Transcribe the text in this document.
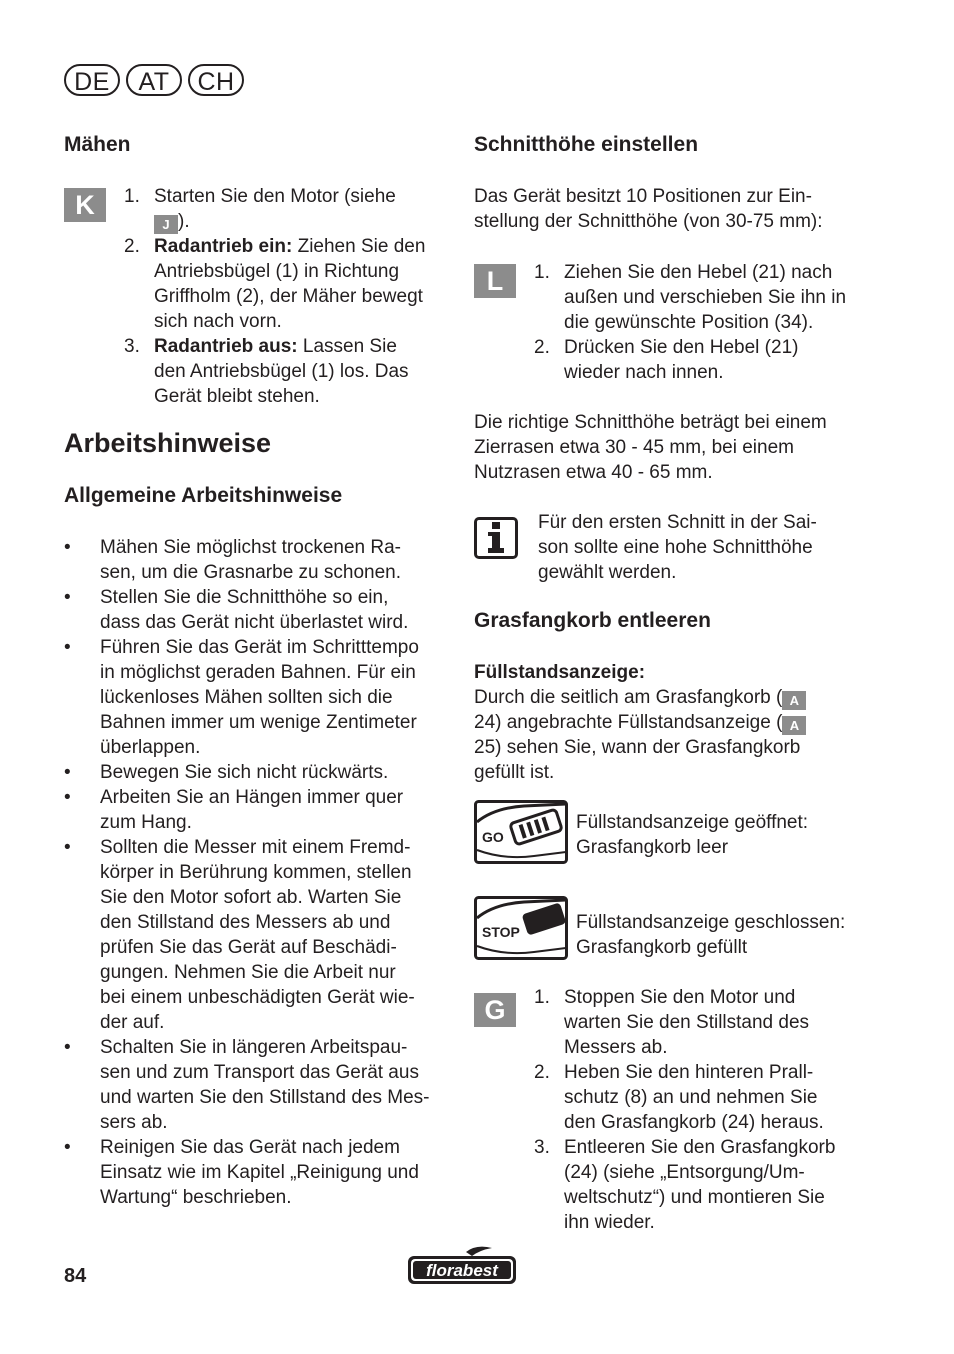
DE	AT	CH
Mähen
K	1. Starten Sie den Motor (siehe
J ).
2. Radantrieb ein: Ziehen Sie den
Antriebsbügel (1) in Richtung
Griffholm (2), der Mäher bewegt
sich nach vorn.
3. Radantrieb aus: Lassen Sie
den Antriebsbügel (1) los. Das
Gerät bleibt stehen.
Arbeitshinweise
Allgemeine Arbeitshinweise
• Mähen Sie möglichst trockenen Ra-
sen, um die Grasnarbe zu schonen.
• Stellen Sie die Schnitthöhe so ein,
dass das Gerät nicht überlastet wird.
• Führen Sie das Gerät im Schritttempo
in möglichst geraden Bahnen. Für ein
lückenloses Mähen sollten sich die
Bahnen immer um wenige Zentimeter
überlappen.
• Bewegen Sie sich nicht rückwärts.
• Arbeiten Sie an Hängen immer quer
zum Hang.
• Sollten die Messer mit einem Fremd-
körper in Berührung kommen, stellen
Sie den Motor sofort ab. Warten Sie
den Stillstand des Messers ab und
prüfen Sie das Gerät auf Beschädi-
gungen. Nehmen Sie die Arbeit nur
bei einem unbeschädigten Gerät wie-
der auf.
• Schalten Sie in längeren Arbeitspau-
sen und zum Transport das Gerät aus
und warten Sie den Stillstand des Mes-
sers ab.
• Reinigen Sie das Gerät nach jedem
Einsatz wie im Kapitel „Reinigung und
Wartung“ beschrieben.
Schnitthöhe einstellen
Das Gerät besitzt 10 Positionen zur Ein-
stellung der Schnitthöhe (von 30-75 mm):
L	1. Ziehen Sie den Hebel (21) nach
außen und verschieben Sie ihn in
die gewünschte Position (34).
2. Drücken Sie den Hebel (21)
wieder nach innen.
Die richtige Schnitthöhe beträgt bei einem
Zierrasen etwa 30 - 45 mm, bei einem
Nutzrasen etwa 40 - 65 mm.
Für den ersten Schnitt in der Sai-
son sollte eine hohe Schnitthöhe
gewählt werden.
Grasfangkorb entleeren
Füllstandsanzeige:
Durch die seitlich am Grasfangkorb ( A
24) angebrachte Füllstandsanzeige ( A
25) sehen Sie, wann der Grasfangkorb
gefüllt ist.
GO
Füllstandsanzeige geöffnet:
Grasfangkorb leer
STOP	Füllstandsanzeige geschlossen:
Grasfangkorb gefüllt
G	1. Stoppen Sie den Motor und
warten Sie den Stillstand des
Messers ab.
2. Heben Sie den hinteren Prall-
schutz (8) an und nehmen Sie
den Grasfangkorb (24) heraus.
3. Entleeren Sie den Grasfangkorb
(24) (siehe „Entsorgung/Um-
weltschutz“) und montieren Sie
ihn wieder.
84	florabest
